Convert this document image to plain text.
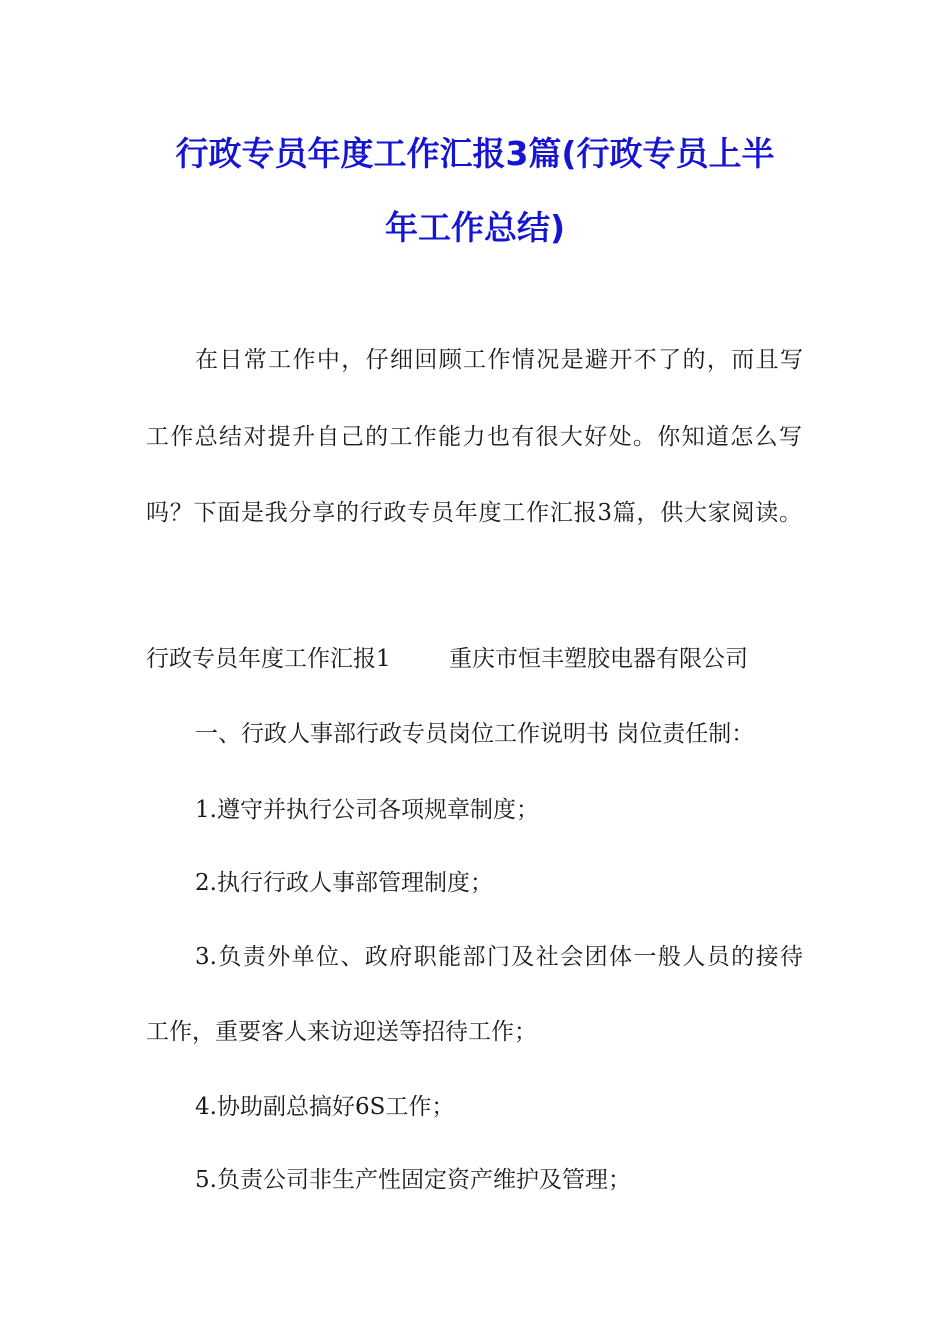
行政专员年度工作汇报3篇(行政专员上半
年工作总结)

在日常工作中，仔细回顾工作情况是避开不了的，而且写

工作总结对提升自己的工作能力也有很大好处。你知道怎么写

吗？下面是我分享的行政专员年度工作汇报3篇，供大家阅读。

行政专员年度工作汇报1	重庆市恒丰塑胶电器有限公司

一、行政人事部行政专员岗位工作说明书 岗位责任制：

1.遵守并执行公司各项规章制度；

2.执行行政人事部管理制度；

3.负责外单位、政府职能部门及社会团体一般人员的接待

工作，重要客人来访迎送等招待工作；

4.协助副总搞好6S工作；

5.负责公司非生产性固定资产维护及管理；
